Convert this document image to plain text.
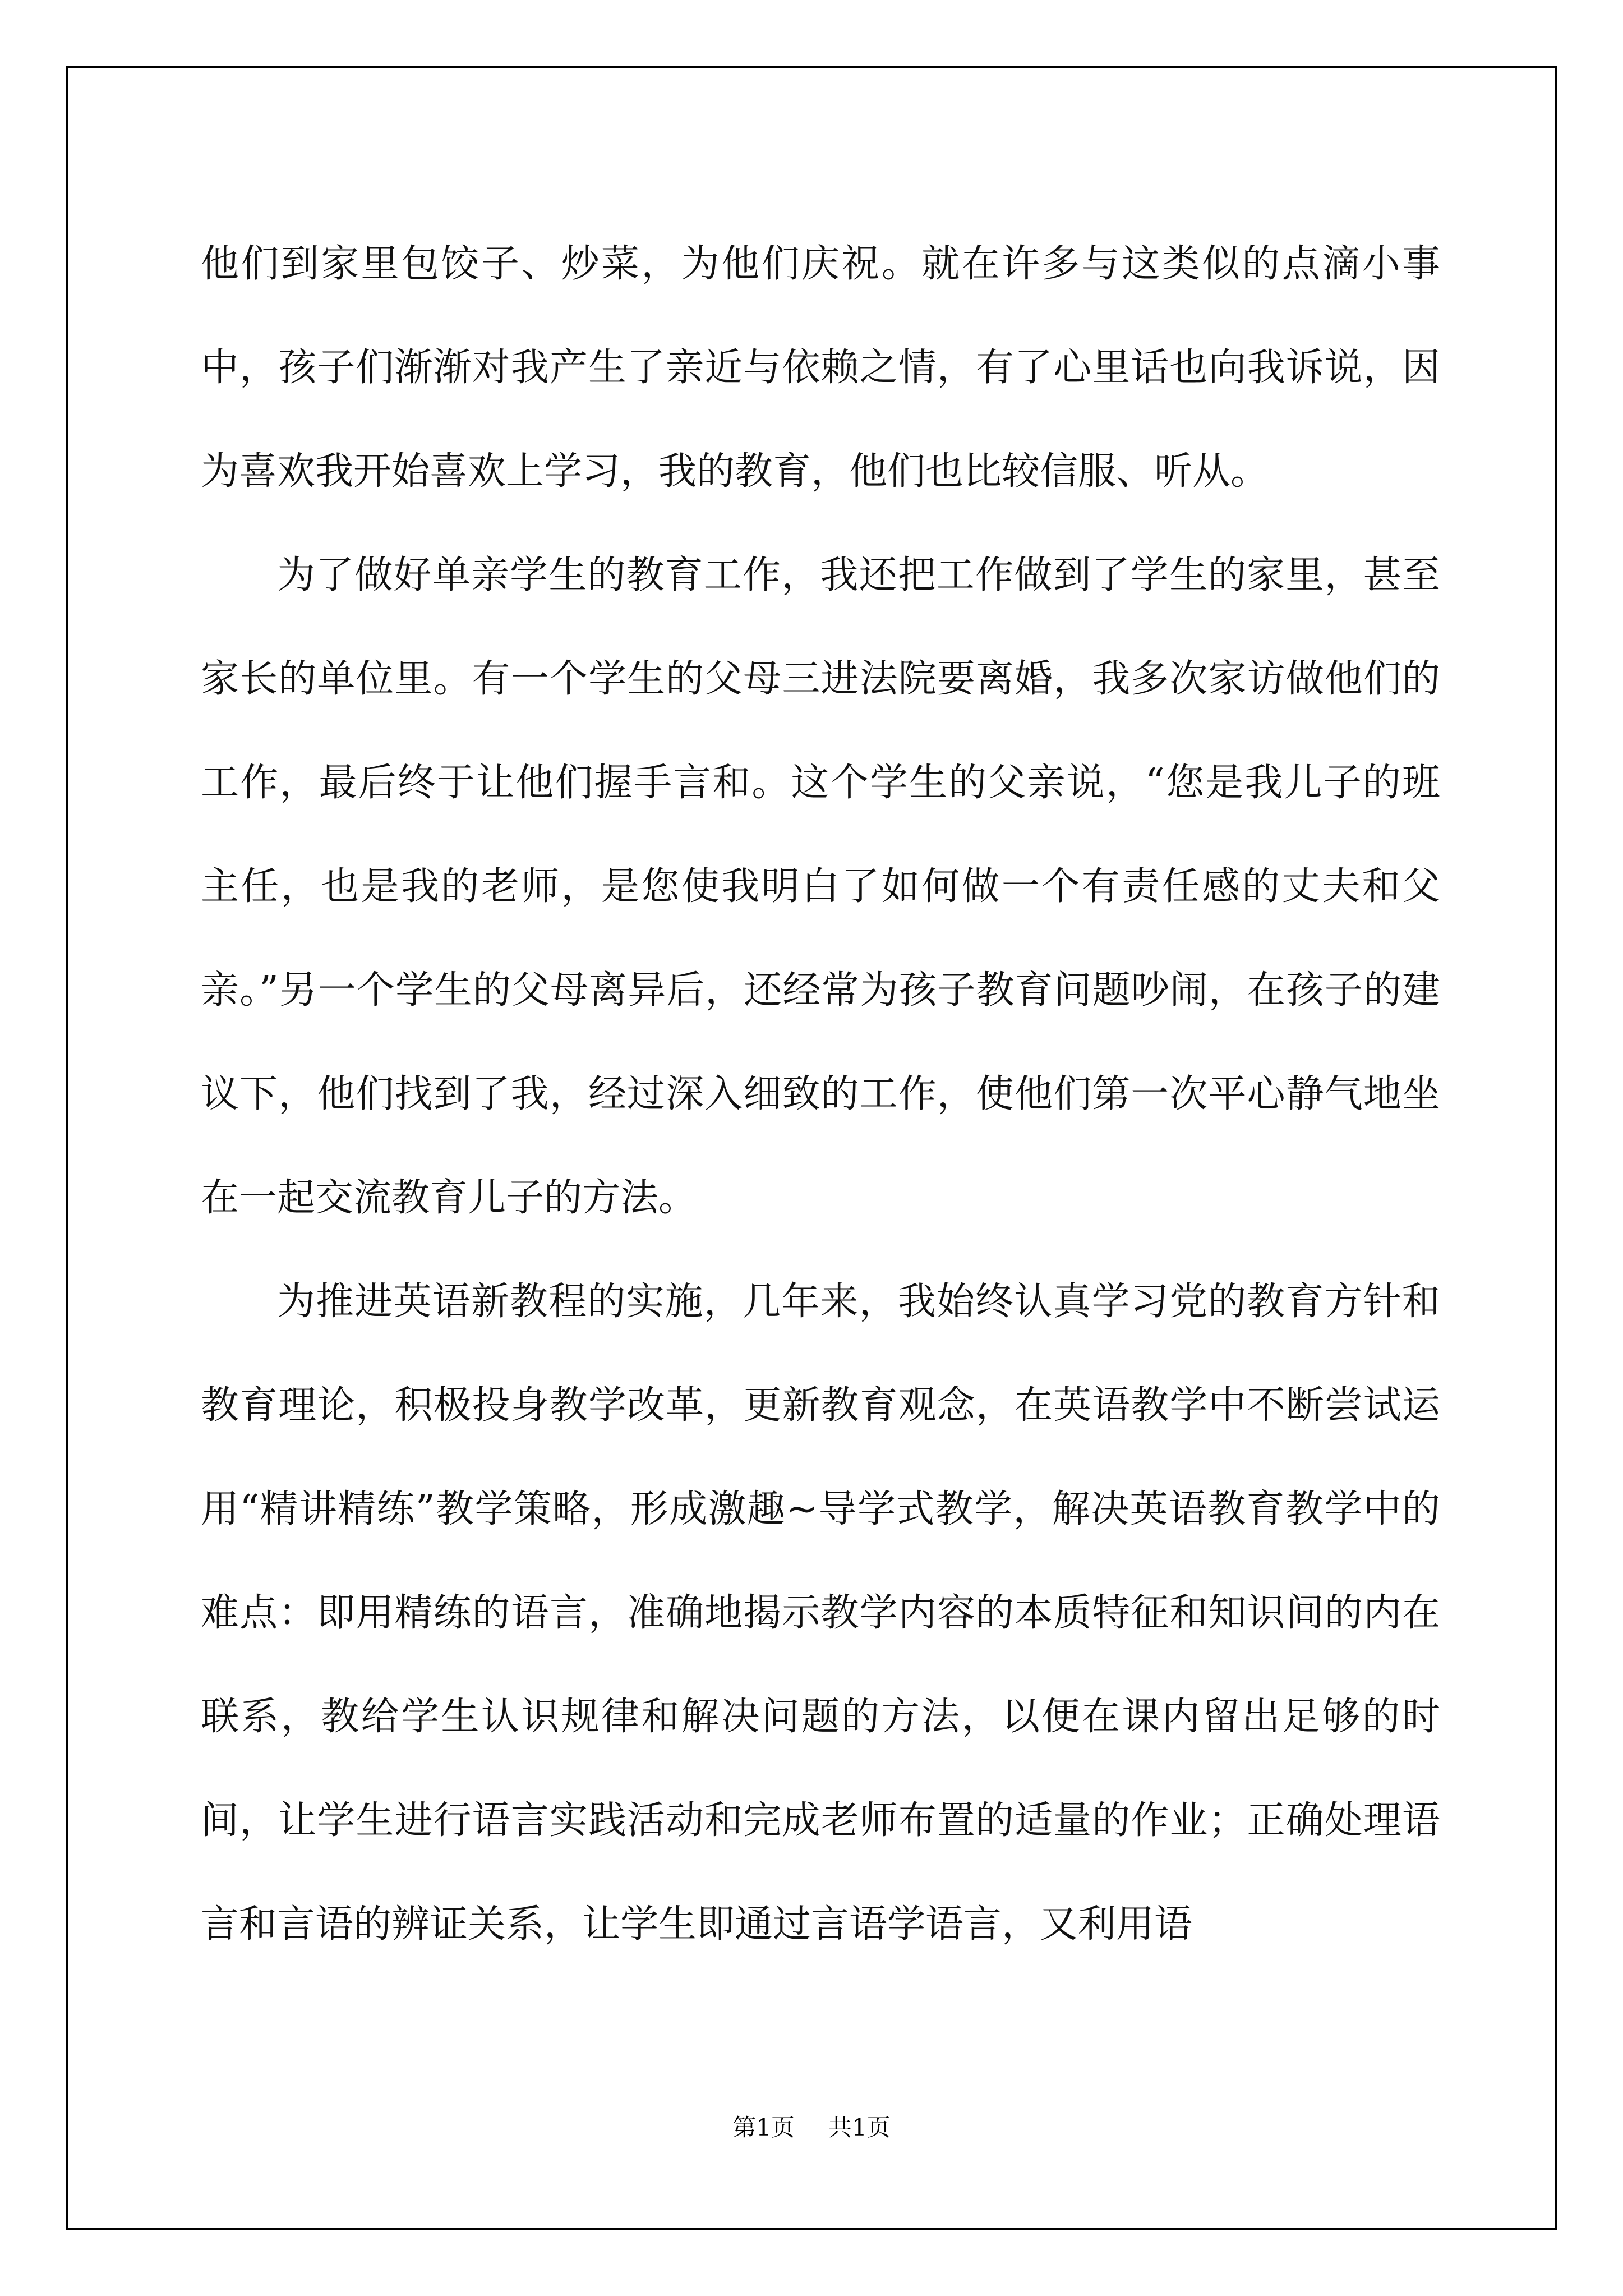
他们到家里包饺子、炒菜，为他们庆祝。就在许多与这类似的点滴小事中，孩子们渐渐对我产生了亲近与依赖之情，有了心里话也向我诉说，因为喜欢我开始喜欢上学习，我的教育，他们也比较信服、听从。

为了做好单亲学生的教育工作，我还把工作做到了学生的家里，甚至家长的单位里。有一个学生的父母三进法院要离婚，我多次家访做他们的工作，最后终于让他们握手言和。这个学生的父亲说，“您是我儿子的班主任，也是我的老师，是您使我明白了如何做一个有责任感的丈夫和父亲。”另一个学生的父母离异后，还经常为孩子教育问题吵闹，在孩子的建议下，他们找到了我，经过深入细致的工作，使他们第一次平心静气地坐在一起交流教育儿子的方法。

为推进英语新教程的实施，几年来，我始终认真学习党的教育方针和教育理论，积极投身教学改革，更新教育观念，在英语教学中不断尝试运用“精讲精练”教学策略，形成激趣~导学式教学，解决英语教育教学中的难点：即用精练的语言，准确地揭示教学内容的本质特征和知识间的内在联系，教给学生认识规律和解决问题的方法，以便在课内留出足够的时间，让学生进行语言实践活动和完成老师布置的适量的作业；正确处理语言和言语的辨证关系，让学生即通过言语学语言，又利用语

第1页 共1页
